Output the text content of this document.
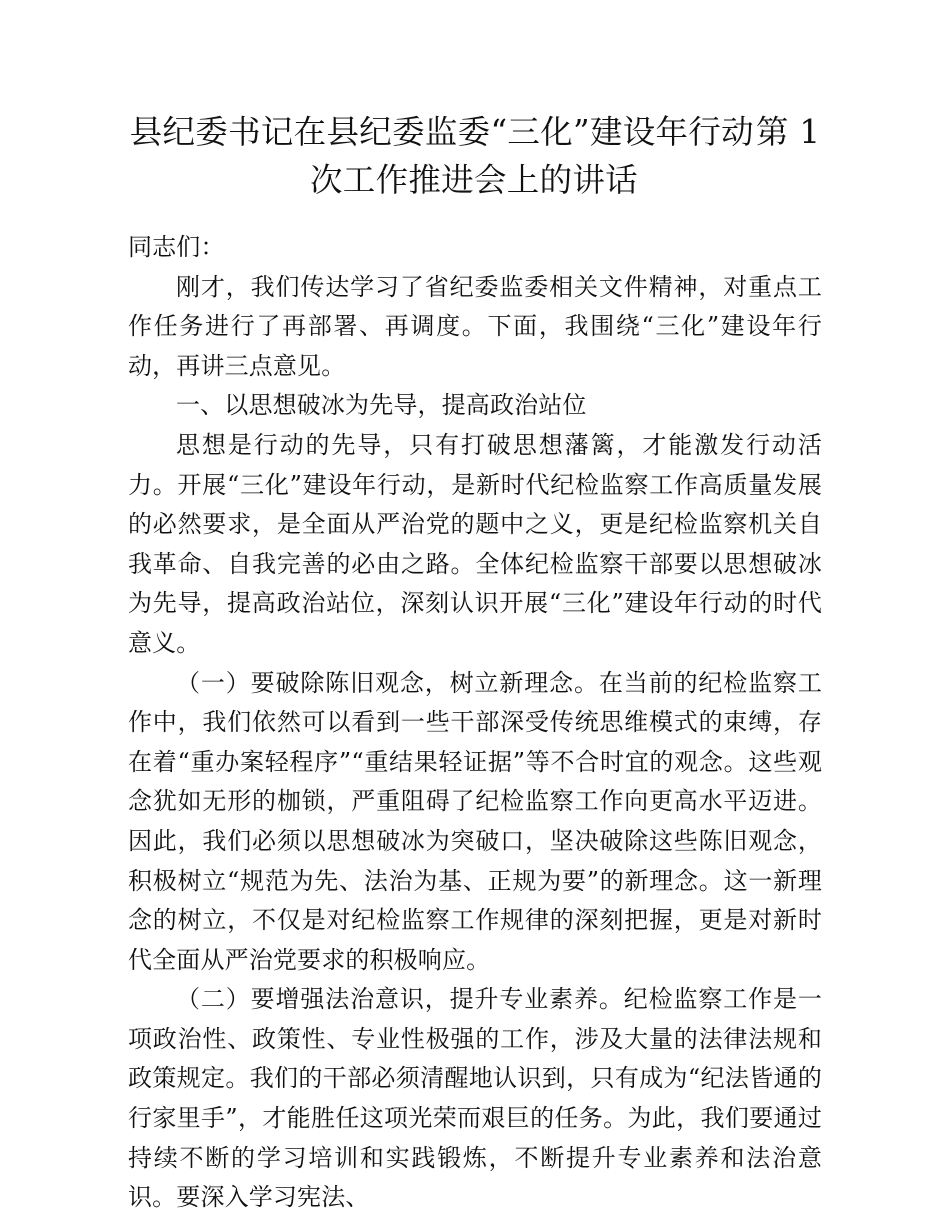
县纪委书记在县纪委监委“三化”建设年行动第 1 次工作推进会上的讲话

同志们：

刚才，我们传达学习了省纪委监委相关文件精神，对重点工作任务进行了再部署、再调度。下面，我围绕“三化”建设年行动，再讲三点意见。

一、以思想破冰为先导，提高政治站位

思想是行动的先导，只有打破思想藩篱，才能激发行动活力。开展“三化”建设年行动，是新时代纪检监察工作高质量发展的必然要求，是全面从严治党的题中之义，更是纪检监察机关自我革命、自我完善的必由之路。全体纪检监察干部要以思想破冰为先导，提高政治站位，深刻认识开展“三化”建设年行动的时代意义。

（一）要破除陈旧观念，树立新理念。在当前的纪检监察工作中，我们依然可以看到一些干部深受传统思维模式的束缚，存在着“重办案轻程序”“重结果轻证据”等不合时宜的观念。这些观念犹如无形的枷锁，严重阻碍了纪检监察工作向更高水平迈进。因此，我们必须以思想破冰为突破口，坚决破除这些陈旧观念，积极树立“规范为先、法治为基、正规为要”的新理念。这一新理念的树立，不仅是对纪检监察工作规律的深刻把握，更是对新时代全面从严治党要求的积极响应。

（二）要增强法治意识，提升专业素养。纪检监察工作是一项政治性、政策性、专业性极强的工作，涉及大量的法律法规和政策规定。我们的干部必须清醒地认识到，只有成为“纪法皆通的行家里手”，才能胜任这项光荣而艰巨的任务。为此，我们要通过持续不断的学习培训和实践锻炼，不断提升专业素养和法治意识。要深入学习宪法、
